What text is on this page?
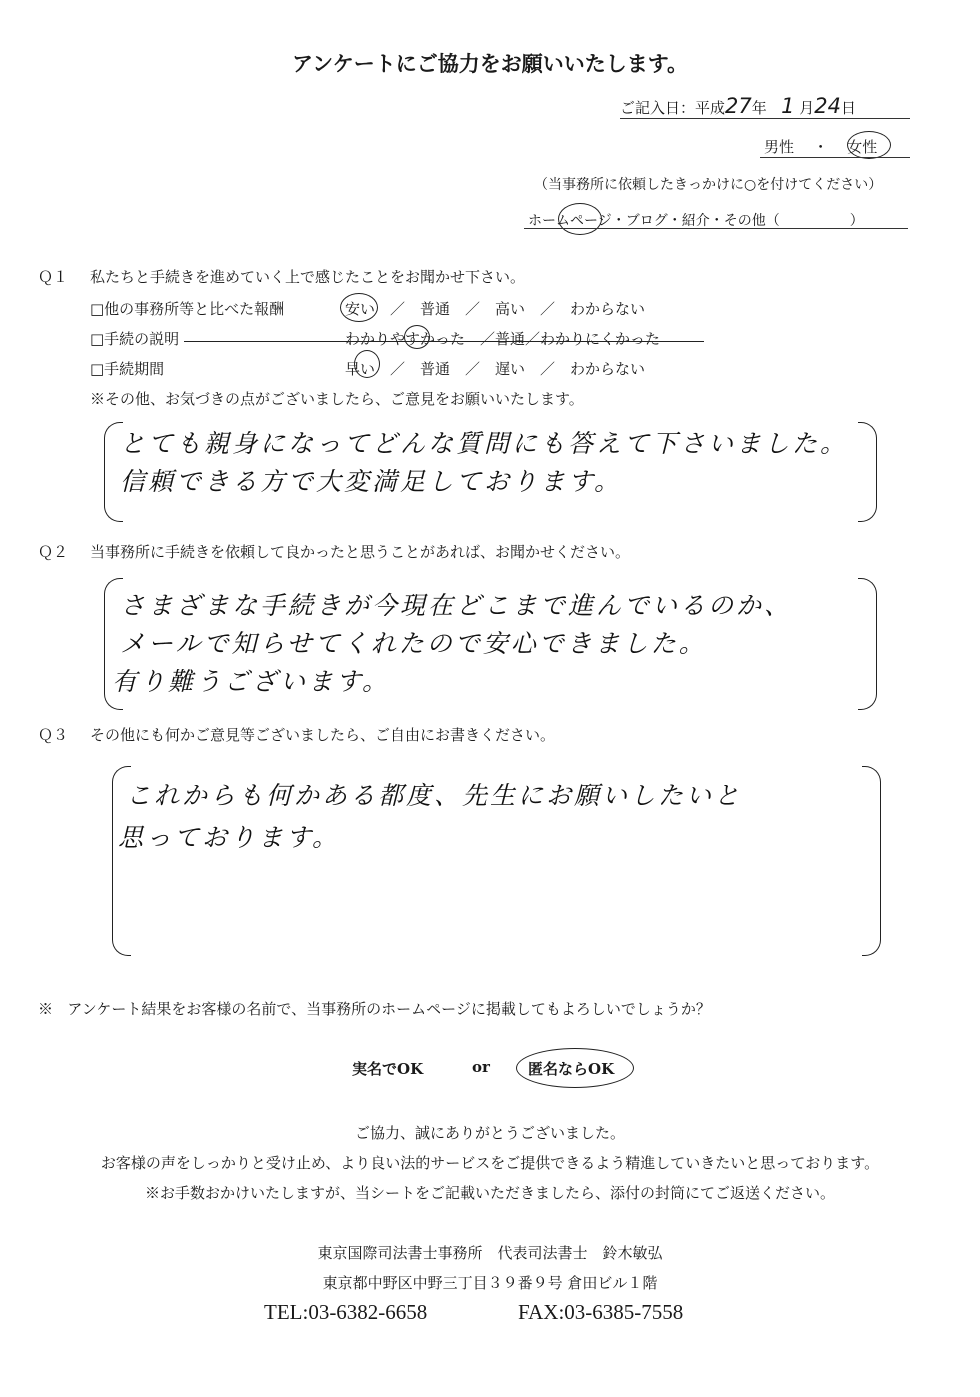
アンケートにご協力をお願いいたします。
ご記入日：平成27年 1 月24日
男性 ・ 女性
（当事務所に依頼したきっかけに○を付けてください）
ホームページ・ブログ・紹介・その他（　　　　　）
Ｑ１ 私たちと手続きを進めていく上で感じたことをお聞かせ下さい。
□他の事務所等と比べた報酬	安い　／　普通　／　高い　／　わからない
□手続の説明	わかりやすかった　／普通／わかりにくかった
□手続期間	早い　／　普通　／　遅い　／　わからない
※その他、お気づきの点がございましたら、ご意見をお願いいたします。
とても親身になってどんな質問にも答えて下さいました。
信頼できる方で大変満足しております。
Ｑ２ 当事務所に手続きを依頼して良かったと思うことがあれば、お聞かせください。
さまざまな手続きが今現在どこまで進んでいるのか、
メールで知らせてくれたので安心できました。
有り難うございます。
Ｑ３ その他にも何かご意見等ございましたら、ご自由にお書きください。
これからも何かある都度、先生にお願いしたいと
思っております。
※ アンケート結果をお客様の名前で、当事務所のホームページに掲載してもよろしいでしょうか？
実名でOK	or	匿名ならOK
ご協力、誠にありがとうございました。
お客様の声をしっかりと受け止め、より良い法的サービスをご提供できるよう精進していきたいと思っております。
※お手数おかけいたしますが、当シートをご記載いただきましたら、添付の封筒にてご返送ください。
東京国際司法書士事務所　代表司法書士　鈴木敏弘
東京都中野区中野三丁目３９番９号 倉田ビル１階
TEL:03-6382-6658	FAX:03-6385-7558
